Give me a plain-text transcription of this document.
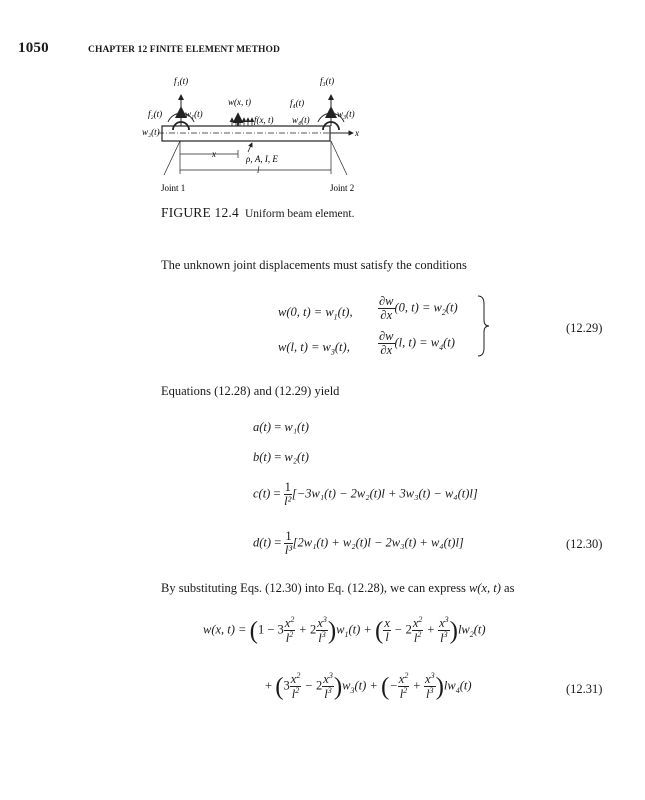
1050	CHAPTER 12 FINITE ELEMENT METHOD
x
f₁(t)	f₃(t)
w₁(t)
f₂(t)
w₂(t)
f₄(t)
w₃(t)
w₄(t)
w(x, t)
f(x, t)
ρ, A, I, E
x
l
Joint 1	Joint 2
FIGURE 12.4 Uniform beam element.
The unknown joint displacements must satisfy the conditions
w(0, $t) = w_1(t)$, $\frac{\partial w}{\partial x} (0$, $t) = w_2(t)$
w(l, $t) = w_3(t)$, $\frac{\partial w}{\partial x} (l$, $t) = w_4(t)$
(12.29)
Equations (12.28) and (12.29) yield
a(t) = w₁(t)
b(t) = w₂(t)
$c(t) = \frac{1}{\text{l²}} [-3w_1(t) - 2w_2(t)l + 3w_3(t) - w_4(t)l]$
$d(t) = \frac{1}{\text{l³}} [2w_1(t) + w_2(t)l - 2w_3(t) + w_4(t)l]$	(12.30)
By substituting Eqs. (12.30) into Eq. (12.28), we can express w(x, t) as
w(x, $t) = (1 - 3 \frac{x^2}{l^2} + 2 \frac{x^3}{l^3} )w_1(t)$ + ( $\frac{x}{l} - 2 \frac{x^2}{l^2} + \frac{x^3}{l^3} )lw_2(t)$
+ $(3 \frac{x^2}{l^2} - 2 \frac{x^3}{l^3} )w_3(t)$ + (− $\frac{x^2}{l^2} + \frac{x^3}{l^3} )lw_4(t)$	(12.31)
